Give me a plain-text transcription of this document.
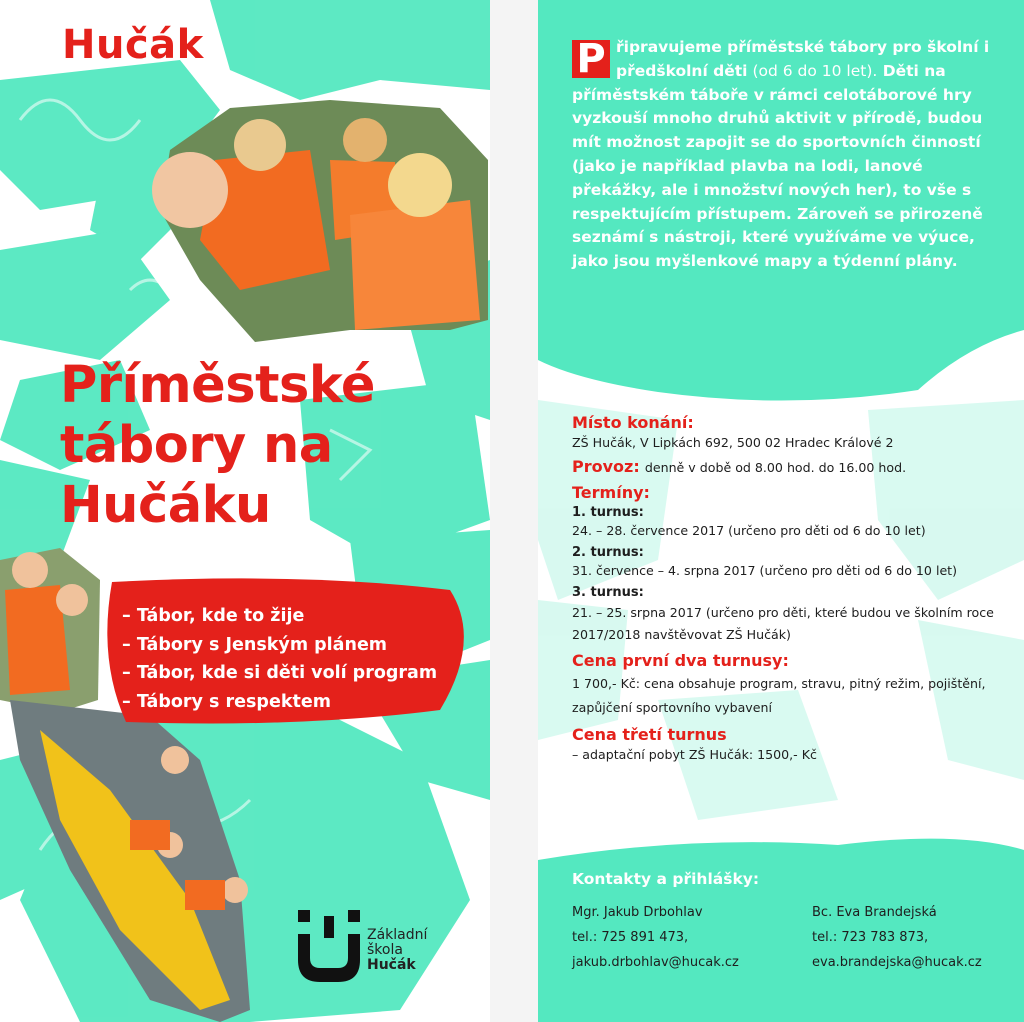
Hučák
Příměstské
tábory na
Hučáku
– Tábor, kde to žije
– Tábory s Jenským plánem
– Tábor, kde si děti volí program
– Tábory s respektem
Základní
škola
Hučák
P řipravujeme příměstské tábory pro školní i předškolní děti (od 6 do 10 let). Děti na příměstském táboře v rámci celotáborové hry vyzkouší mnoho druhů aktivit v přírodě, budou mít možnost zapojit se do sportovních činností (jako je například plavba na lodi, lanové překážky, ale i množství nových her), to vše s respektujícím přístupem. Zároveň se přirozeně seznámí s nástroji, které využíváme ve výuce, jako jsou myšlenkové mapy a týdenní plány.
Místo konání:
ZŠ Hučák, V Lipkách 692, 500 02 Hradec Králové 2
Provoz: denně v době od 8.00 hod. do 16.00 hod.
Termíny:
1. turnus:
24. – 28. července 2017 (určeno pro děti od 6 do 10 let)
2. turnus:
31. července – 4. srpna 2017 (určeno pro děti od 6 do 10 let)
3. turnus:
21. – 25. srpna 2017 (určeno pro děti, které budou ve školním roce 2017/2018 navštěvovat ZŠ Hučák)
Cena první dva turnusy:
1 700,- Kč: cena obsahuje program, stravu, pitný režim, pojištění, zapůjčení sportovního vybavení
Cena třetí turnus
– adaptační pobyt ZŠ Hučák: 1500,- Kč
Kontakty a přihlášky:
Mgr. Jakub Drbohlav
tel.: 725 891 473,
jakub.drbohlav@hucak.cz
Bc. Eva Brandejská
tel.: 723 783 873,
eva.brandejska@hucak.cz
